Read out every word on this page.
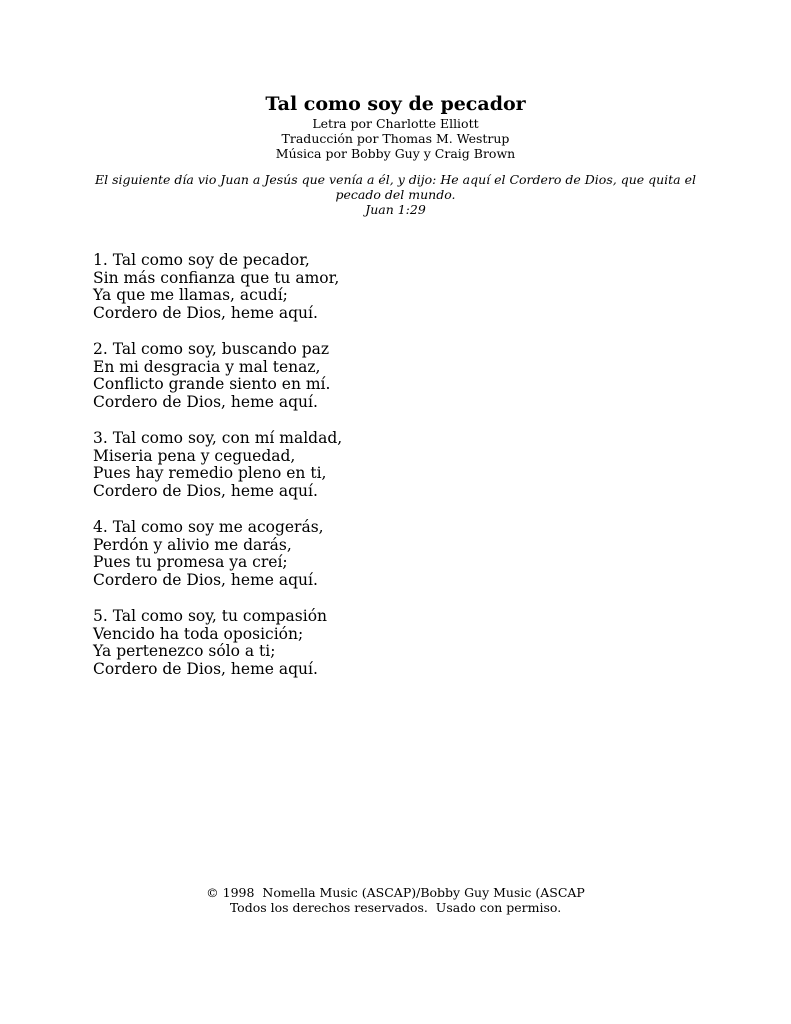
Tal como soy de pecador

Letra por Charlotte Elliott

Traducción por Thomas M. Westrup

Música por Bobby Guy y Craig Brown

El siguiente día vio Juan a Jesús que venía a él, y dijo: He aquí el Cordero de Dios, que quita el pecado del mundo.

Juan 1:29

1. Tal como soy de pecador,
Sin más confianza que tu amor,
Ya que me llamas, acudí;
Cordero de Dios, heme aquí.
2. Tal como soy, buscando paz
En mi desgracia y mal tenaz,
Conflicto grande siento en mí.
Cordero de Dios, heme aquí.
3. Tal como soy, con mí maldad,
Miseria pena y ceguedad,
Pues hay remedio pleno en ti,
Cordero de Dios, heme aquí.
4. Tal como soy me acogerás,
Perdón y alivio me darás,
Pues tu promesa ya creí;
Cordero de Dios, heme aquí.
5. Tal como soy, tu compasión
Vencido ha toda oposición;
Ya pertenezco sólo a ti;
Cordero de Dios, heme aquí.

© 1998  Nomella Music (ASCAP)/Bobby Guy Music (ASCAP

Todos los derechos reservados.  Usado con permiso.
